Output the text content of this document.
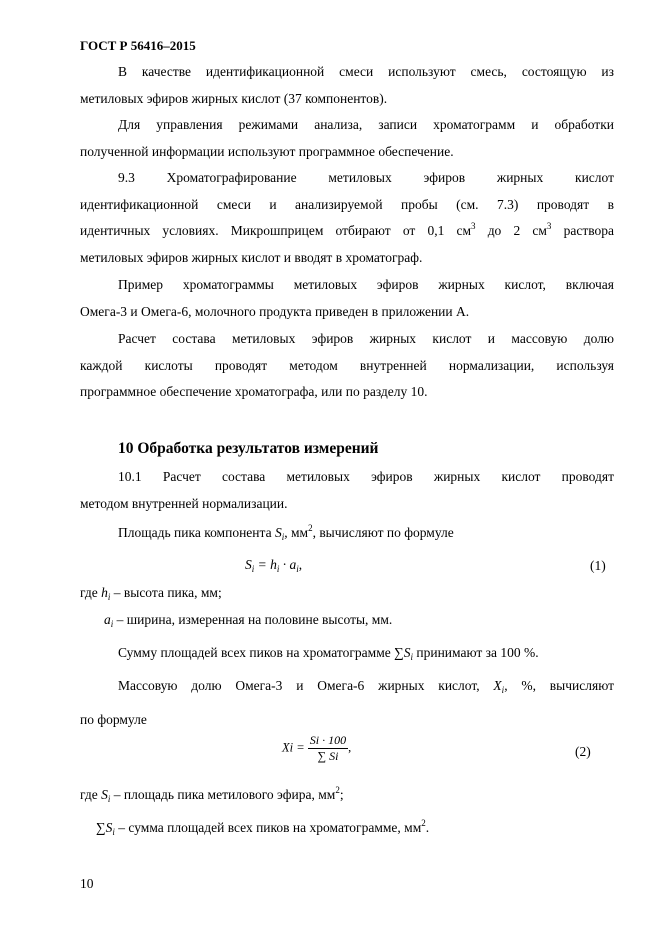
ГОСТ Р 56416–2015

В качестве идентификационной смеси используют смесь, состоящую из

метиловых эфиров жирных кислот (37 компонентов).

Для управления режимами анализа, записи хроматограмм и обработки

полученной информации используют программное обеспечение.

9.3 Хроматографирование метиловых эфиров жирных кислот

идентификационной смеси и анализируемой пробы (см. 7.3) проводят в

идентичных условиях. Микрошприцем отбирают от 0,1 $см^3$ до 2 $см^3$ раствора

метиловых эфиров жирных кислот и вводят в хроматограф.

Пример хроматограммы метиловых эфиров жирных кислот, включая

Омега-3 и Омега-6, молочного продукта приведен в приложении А.

Расчет состава метиловых эфиров жирных кислот и массовую долю

каждой кислоты проводят методом внутренней нормализации, используя

программное обеспечение хроматографа, или по разделу 10.
10 Обработка результатов измерений

10.1 Расчет состава метиловых эфиров жирных кислот проводят

методом внутренней нормализации.
Площадь пика компонента $S_i$, $мм^2$, вычисляют по формуле
$S_i = h_i \cdot a_i$,	(1)
где $h_i$ – высота пика, мм;
$a_i$ – ширина, измеренная на половине высоты, мм.
Сумму площадей всех пиков на хроматограмме $\sum S_i$ принимают за 100 %.

Массовую долю Омега-3 и Омега-6 жирных кислот, $X_i$, %, вычисляют

по формуле
$Xi = \frac{Si \cdot 100}{\sum Si}$ ,	(2)
где $S_i$ – площадь пика метилового эфира, $мм^2$;
$\sum S_i$ – сумма площадей всех пиков на хроматограмме, $мм^2$.
10
